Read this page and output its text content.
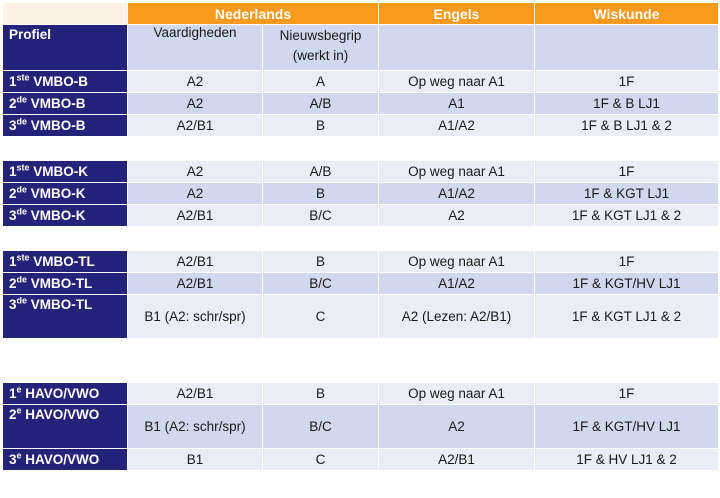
	Nederlands		Engels	Wiskunde
Profiel	Vaardigheden	Nieuwsbegrip (werkt in)		
1ste VMBO-B	A2	A	Op weg naar A1	1F
2de VMBO-B	A2	A/B	A1	1F & B LJ1
3de VMBO-B	A2/B1	B	A1/A2	1F & B LJ1 & 2

1ste VMBO-K	A2	A/B	Op weg naar A1	1F
2de VMBO-K	A2	B	A1/A2	1F & KGT LJ1
3de VMBO-K	A2/B1	B/C	A2	1F & KGT LJ1 & 2

1ste VMBO-TL	A2/B1	B	Op weg naar A1	1F
2de VMBO-TL	A2/B1	B/C	A1/A2	1F & KGT/HV LJ1
3de VMBO-TL	B1 (A2: schr/spr)	C	A2 (Lezen: A2/B1)	1F & KGT LJ1 & 2

1e HAVO/VWO	A2/B1	B	Op weg naar A1	1F
2e HAVO/VWO	B1 (A2: schr/spr)	B/C	A2	1F & KGT/HV LJ1
3e HAVO/VWO	B1	C	A2/B1	1F & HV LJ1 & 2
